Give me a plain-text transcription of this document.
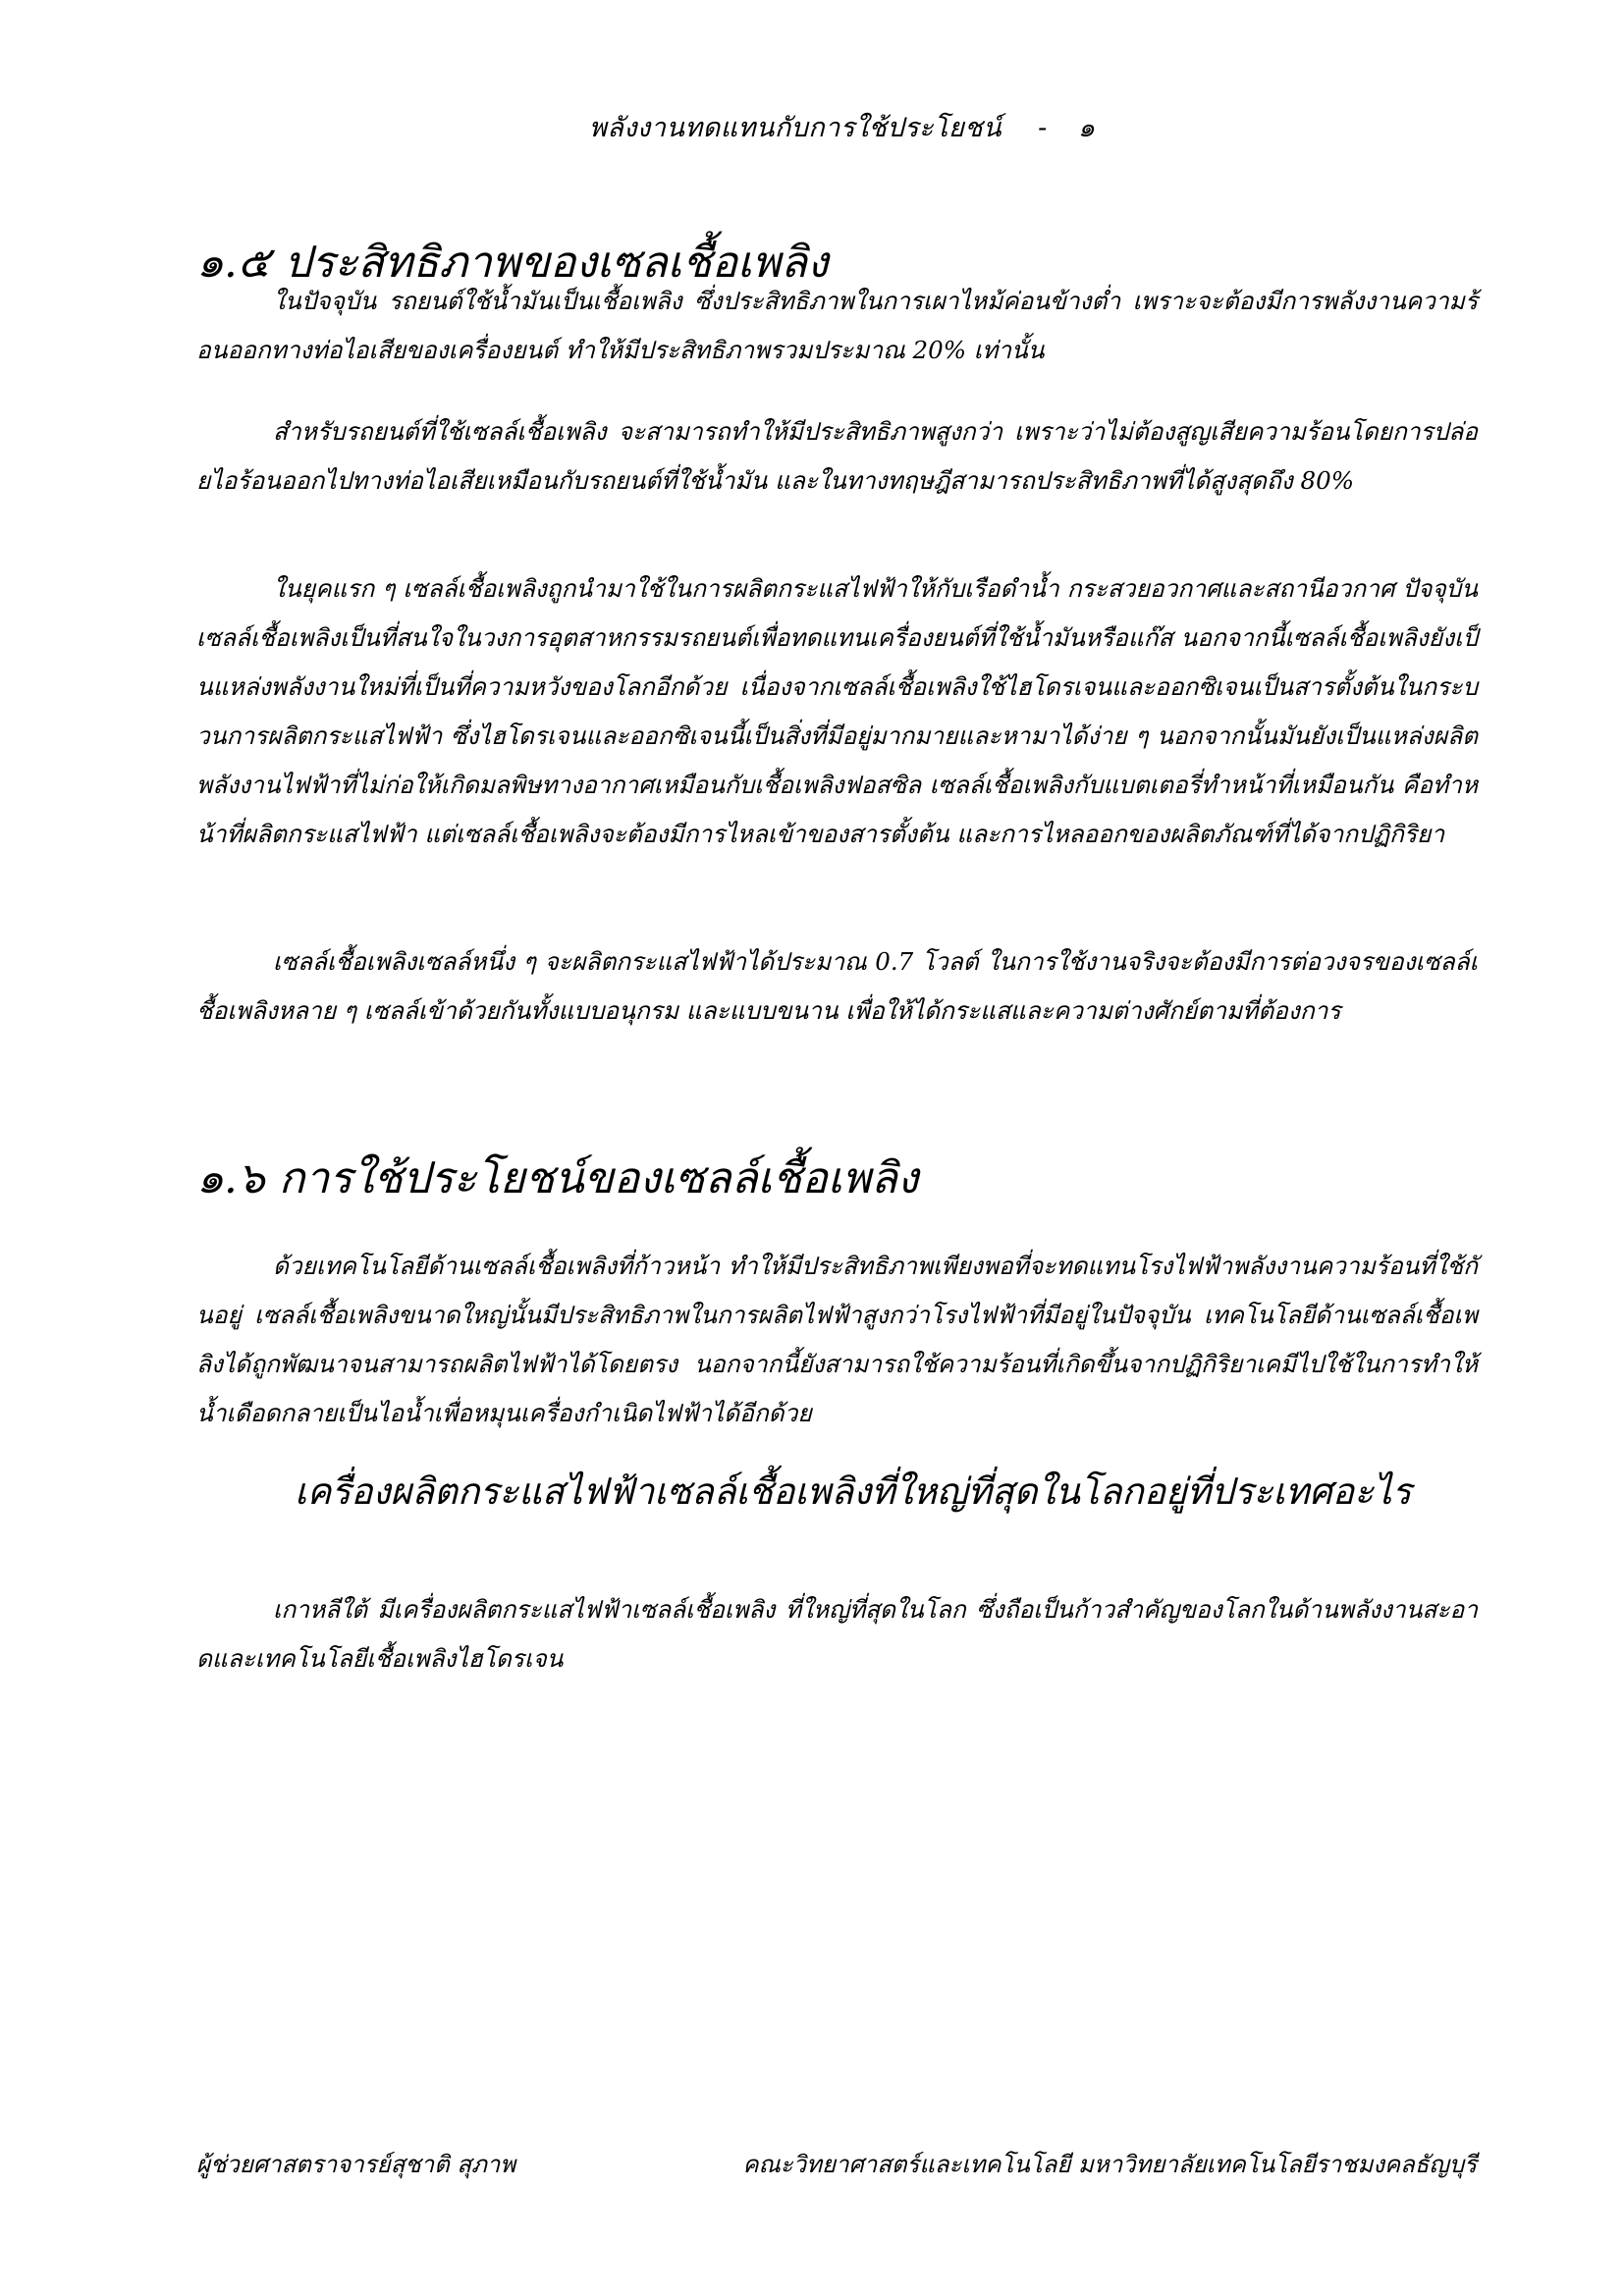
พลังงานทดแทนกับการใช้ประโยชน์ - ๑
๑.๕ ประสิทธิภาพของเซลเชื้อเพลิง

ในปัจจุบัน รถยนต์ใช้น้ำมันเป็นเชื้อเพลิง ซึ่งประสิทธิภาพในการเผาไหม้ค่อนข้างต่ำ เพราะจะต้องมีการพลังงานความร้อนออกทางท่อไอเสียของเครื่องยนต์ ทำให้มีประสิทธิภาพรวมประมาณ 20% เท่านั้น

สำหรับรถยนต์ที่ใช้เซลล์เชื้อเพลิง จะสามารถทำให้มีประสิทธิภาพสูงกว่า เพราะว่าไม่ต้องสูญเสียความร้อนโดยการปล่อยไอร้อนออกไปทางท่อไอเสียเหมือนกับรถยนต์ที่ใช้น้ำมัน และในทางทฤษฎีสามารถประสิทธิภาพที่ได้สูงสุดถึง 80%

ในยุคแรก ๆ เซลล์เชื้อเพลิงถูกนำมาใช้ในการผลิตกระแสไฟฟ้าให้กับเรือดำน้ำ กระสวยอวกาศและสถานีอวกาศ ปัจจุบันเซลล์เชื้อเพลิงเป็นที่สนใจในวงการอุตสาหกรรมรถยนต์เพื่อทดแทนเครื่องยนต์ที่ใช้น้ำมันหรือแก๊ส นอกจากนี้เซลล์เชื้อเพลิงยังเป็นแหล่งพลังงานใหม่ที่เป็นที่ความหวังของโลกอีกด้วย เนื่องจากเซลล์เชื้อเพลิงใช้ไฮโดรเจนและออกซิเจนเป็นสารตั้งต้นในกระบวนการผลิตกระแสไฟฟ้า ซึ่งไฮโดรเจนและออกซิเจนนี้เป็นสิ่งที่มีอยู่มากมายและหามาได้ง่าย ๆ นอกจากนั้นมันยังเป็นแหล่งผลิตพลังงานไฟฟ้าที่ไม่ก่อให้เกิดมลพิษทางอากาศเหมือนกับเชื้อเพลิงฟอสซิล เซลล์เชื้อเพลิงกับแบตเตอรี่ทำหน้าที่เหมือนกัน คือทำหน้าที่ผลิตกระแสไฟฟ้า แต่เซลล์เชื้อเพลิงจะต้องมีการไหลเข้าของสารตั้งต้น และการไหลออกของผลิตภัณฑ์ที่ได้จากปฏิกิริยา

เซลล์เชื้อเพลิงเซลล์หนึ่ง ๆ จะผลิตกระแสไฟฟ้าได้ประมาณ 0.7 โวลต์ ในการใช้งานจริงจะต้องมีการต่อวงจรของเซลล์เชื้อเพลิงหลาย ๆ เซลล์เข้าด้วยกันทั้งแบบอนุกรม และแบบขนาน เพื่อให้ได้กระแสและความต่างศักย์ตามที่ต้องการ

๑.๖ การใช้ประโยชน์ของเซลล์เชื้อเพลิง

ด้วยเทคโนโลยีด้านเซลล์เชื้อเพลิงที่ก้าวหน้า ทำให้มีประสิทธิภาพเพียงพอที่จะทดแทนโรงไฟฟ้าพลังงานความร้อนที่ใช้กันอยู่ เซลล์เชื้อเพลิงขนาดใหญ่นั้นมีประสิทธิภาพในการผลิตไฟฟ้าสูงกว่าโรงไฟฟ้าที่มีอยู่ในปัจจุบัน เทคโนโลยีด้านเซลล์เชื้อเพลิงได้ถูกพัฒนาจนสามารถผลิตไฟฟ้าได้โดยตรง นอกจากนี้ยังสามารถใช้ความร้อนที่เกิดขึ้นจากปฏิกิริยาเคมีไปใช้ในการทำให้น้ำเดือดกลายเป็นไอน้ำเพื่อหมุนเครื่องกำเนิดไฟฟ้าได้อีกด้วย

เครื่องผลิตกระแสไฟฟ้าเซลล์เชื้อเพลิงที่ใหญ่ที่สุดในโลกอยู่ที่ประเทศอะไร

เกาหลีใต้ มีเครื่องผลิตกระแสไฟฟ้าเซลล์เชื้อเพลิง ที่ใหญ่ที่สุดในโลก ซึ่งถือเป็นก้าวสำคัญของโลกในด้านพลังงานสะอาดและเทคโนโลยีเชื้อเพลิงไฮโดรเจน

ผู้ช่วยศาสตราจารย์สุชาติ สุภาพ	คณะวิทยาศาสตร์และเทคโนโลยี มหาวิทยาลัยเทคโนโลยีราชมงคลธัญบุรี
